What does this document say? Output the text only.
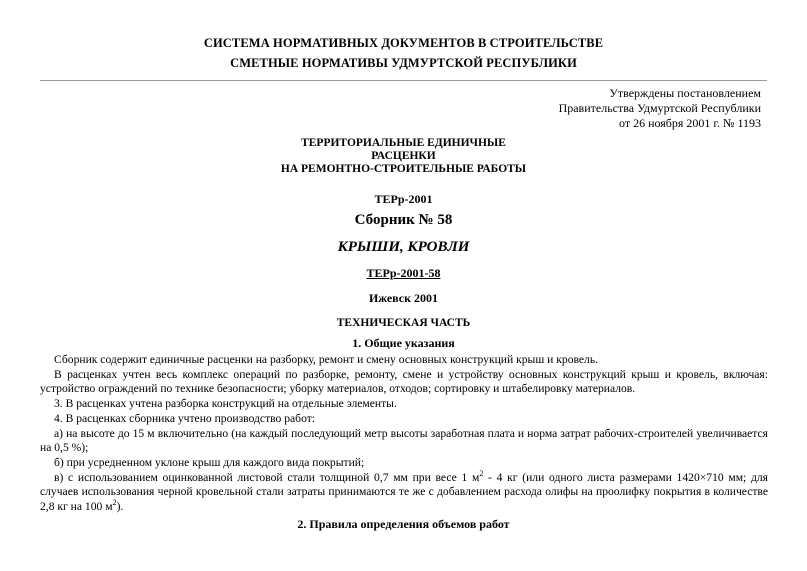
СИСТЕМА НОРМАТИВНЫХ ДОКУМЕНТОВ В СТРОИТЕЛЬСТВЕ
СМЕТНЫЕ НОРМАТИВЫ УДМУРТСКОЙ РЕСПУБЛИКИ
Утверждены постановлением
Правительства Удмуртской Республики
от 26 ноября 2001 г. № 1193
ТЕРРИТОРИАЛЬНЫЕ ЕДИНИЧНЫЕ
РАСЦЕНКИ
НА РЕМОНТНО-СТРОИТЕЛЬНЫЕ РАБОТЫ
ТЕРр-2001
Сборник № 58
КРЫШИ, КРОВЛИ
ТЕРр-2001-58
Ижевск 2001
ТЕХНИЧЕСКАЯ ЧАСТЬ
1. Общие указания

Сборник содержит единичные расценки на разборку, ремонт и смену основных конструкций крыш и кровель.

В расценках учтен весь комплекс операций по разборке, ремонту, смене и устройству основных конструкций крыш и кровель, включая: устройство ограждений по технике безопасности; уборку материалов, отходов; сортировку и штабелировку материалов.

3. В расценках учтена разборка конструкций на отдельные элементы.

4. В расценках сборника учтено производство работ:

а) на высоте до 15 м включительно (на каждый последующий метр высоты заработная плата и норма затрат рабочих-строителей увеличивается на 0,5 %);

б) при усредненном уклоне крыш для каждого вида покрытий;

в) с использованием оцинкованной листовой стали толщиной 0,7 мм при весе 1 $м^2 - 4$ кг (или одного листа размерами 1420×710 мм; для случаев использования черной кровельной стали затраты принимаются те же с добавлением расхода олифы на проолифку покрытия в количестве 2,8 кг на 100 $м^2$).

2. Правила определения объемов работ
